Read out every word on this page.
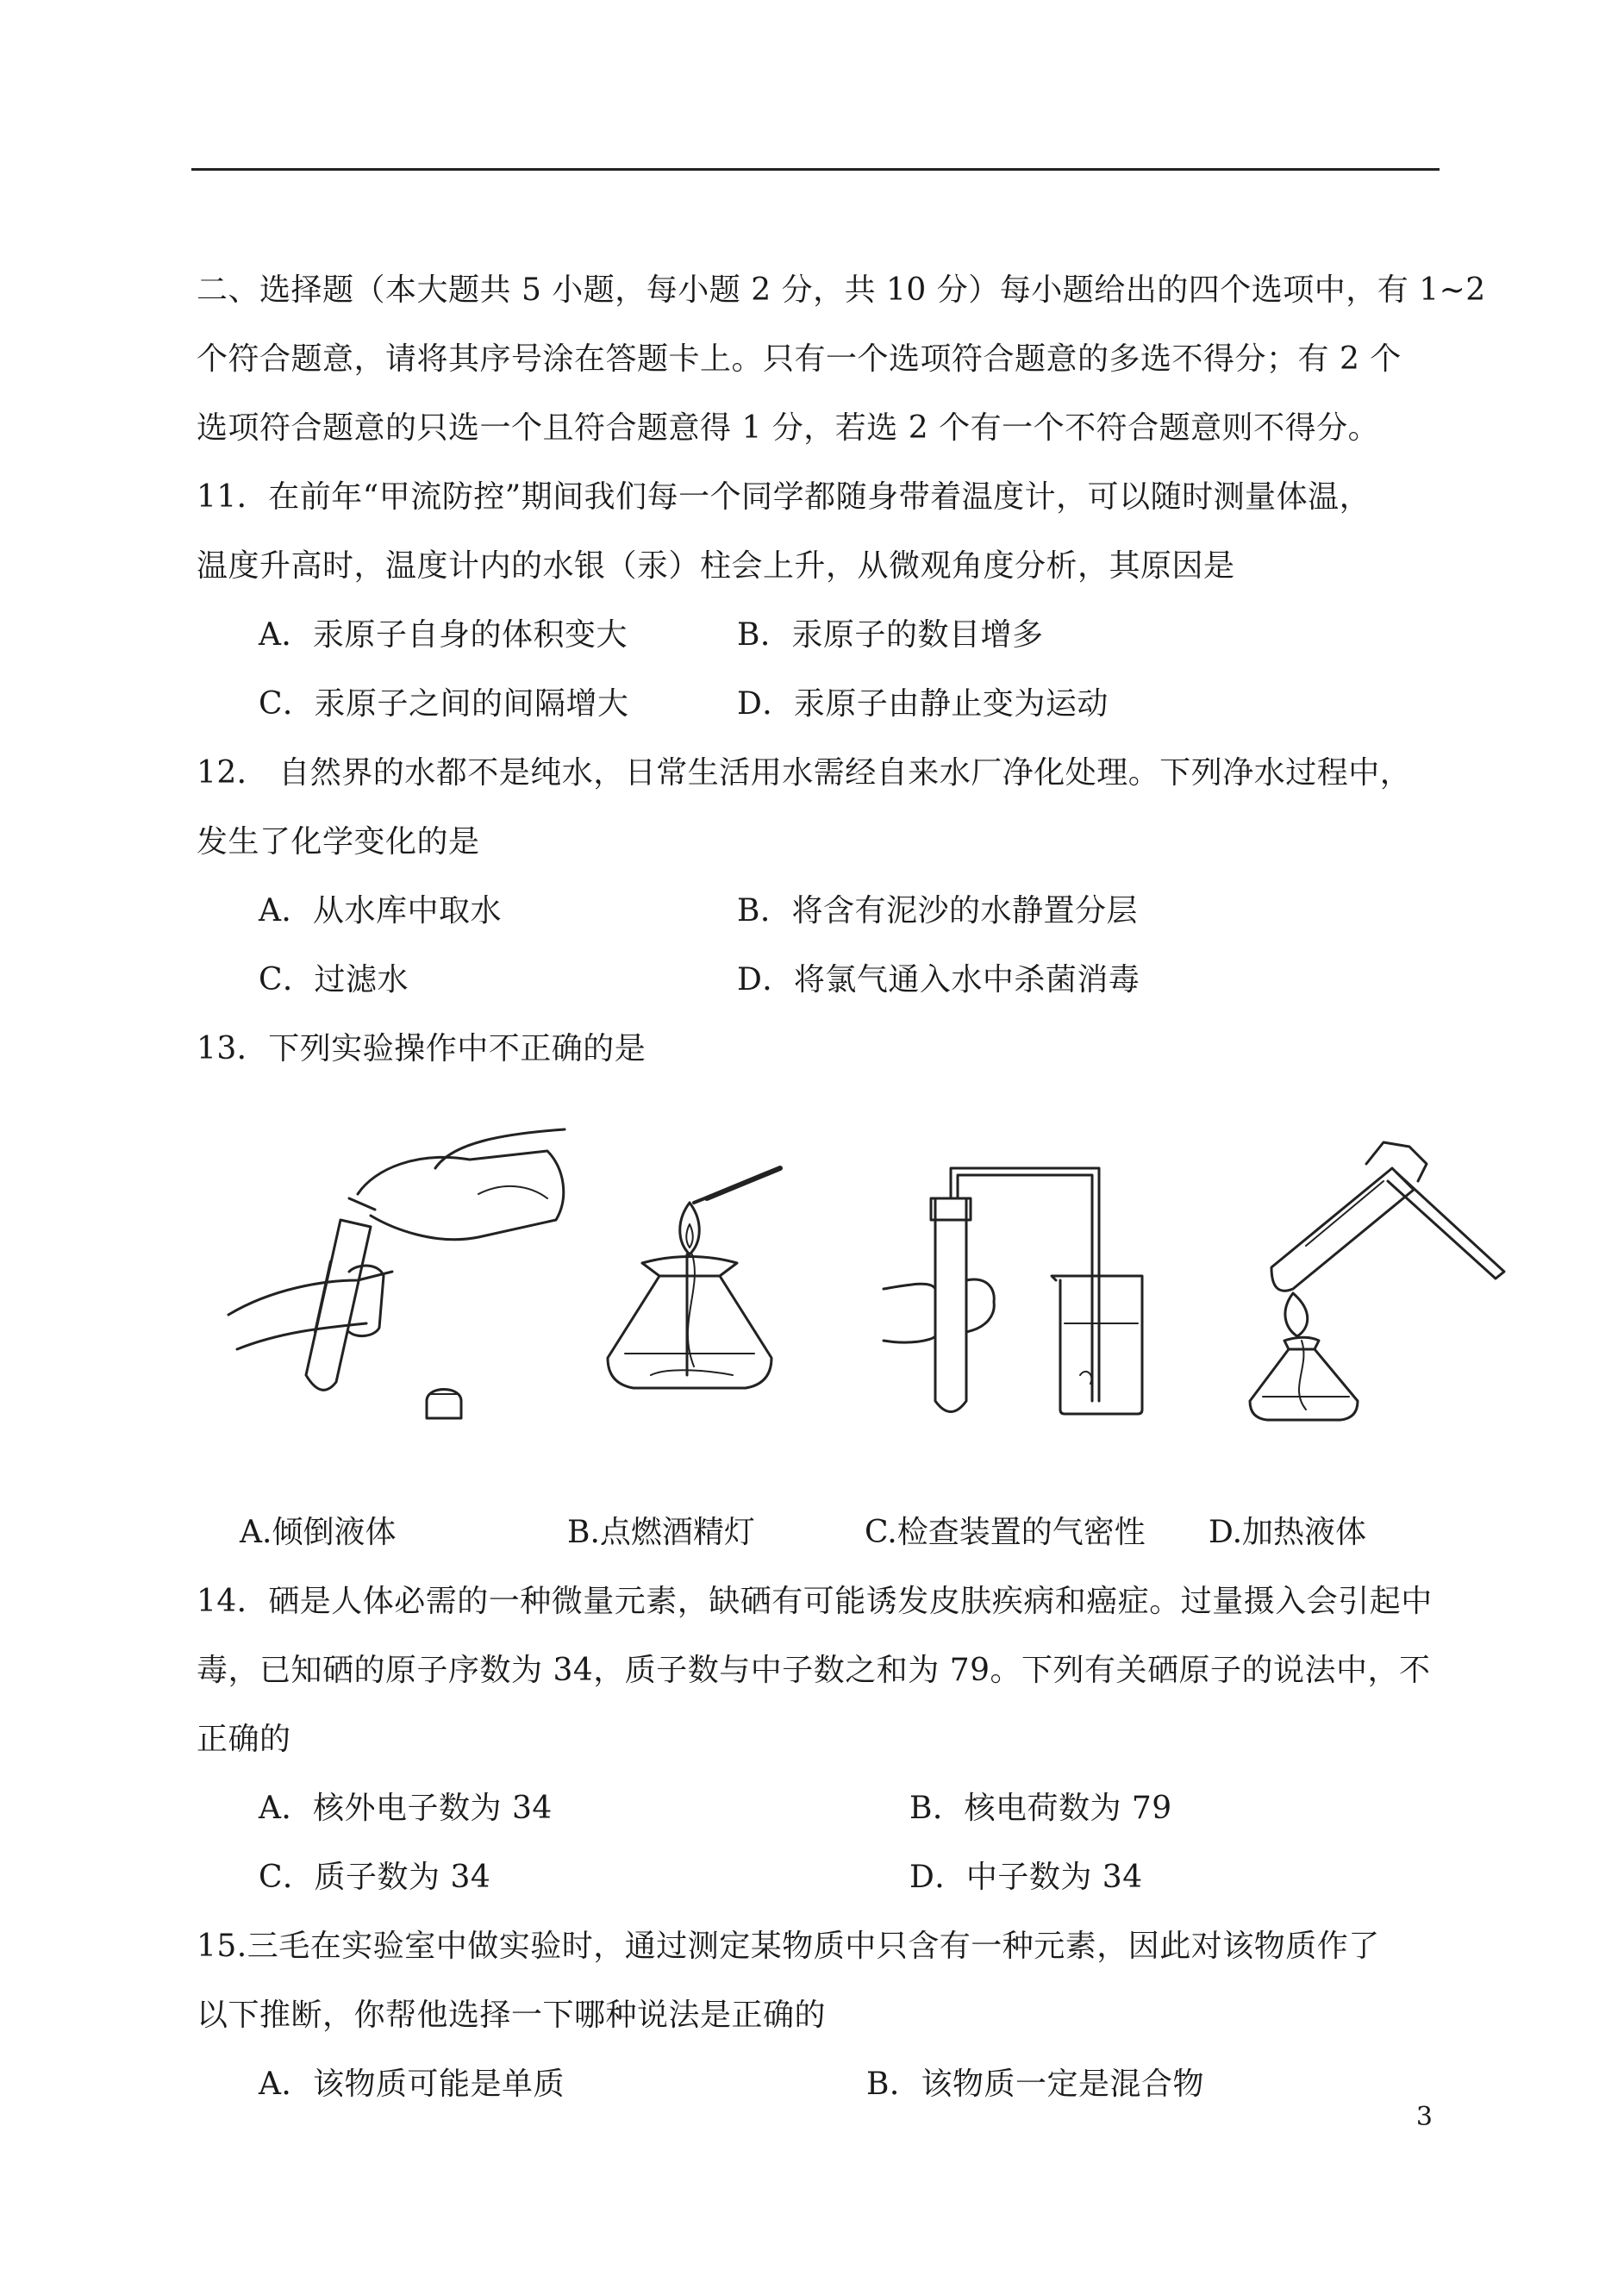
二、选择题（本大题共 5 小题，每小题 2 分，共 10 分）每小题给出的四个选项中，有 1~2
个符合题意，请将其序号涂在答题卡上。只有一个选项符合题意的多选不得分；有 2 个
选项符合题意的只选一个且符合题意得 1 分，若选 2 个有一个不符合题意则不得分。
11．在前年“甲流防控”期间我们每一个同学都随身带着温度计，可以随时测量体温，
温度升高时，温度计内的水银（汞）柱会上升，从微观角度分析，其原因是
A．汞原子自身的体积变大	B．汞原子的数目增多
C．汞原子之间的间隔增大	D．汞原子由静止变为运动
12． 自然界的水都不是纯水，日常生活用水需经自来水厂净化处理。下列净水过程中，
发生了化学变化的是
A．从水库中取水	B．将含有泥沙的水静置分层
C．过滤水	D．将氯气通入水中杀菌消毒
13．下列实验操作中不正确的是
A.倾倒液体	B.点燃酒精灯	C.检查装置的气密性 D.加热液体
14．硒是人体必需的一种微量元素，缺硒有可能诱发皮肤疾病和癌症。过量摄入会引起中
毒，已知硒的原子序数为 34，质子数与中子数之和为 79。下列有关硒原子的说法中，不
正确的
A．核外电子数为 34	B．核电荷数为 79
C．质子数为 34	D．中子数为 34
15.三毛在实验室中做实验时，通过测定某物质中只含有一种元素，因此对该物质作了
以下推断，你帮他选择一下哪种说法是正确的
A．该物质可能是单质	B．该物质一定是混合物
3
